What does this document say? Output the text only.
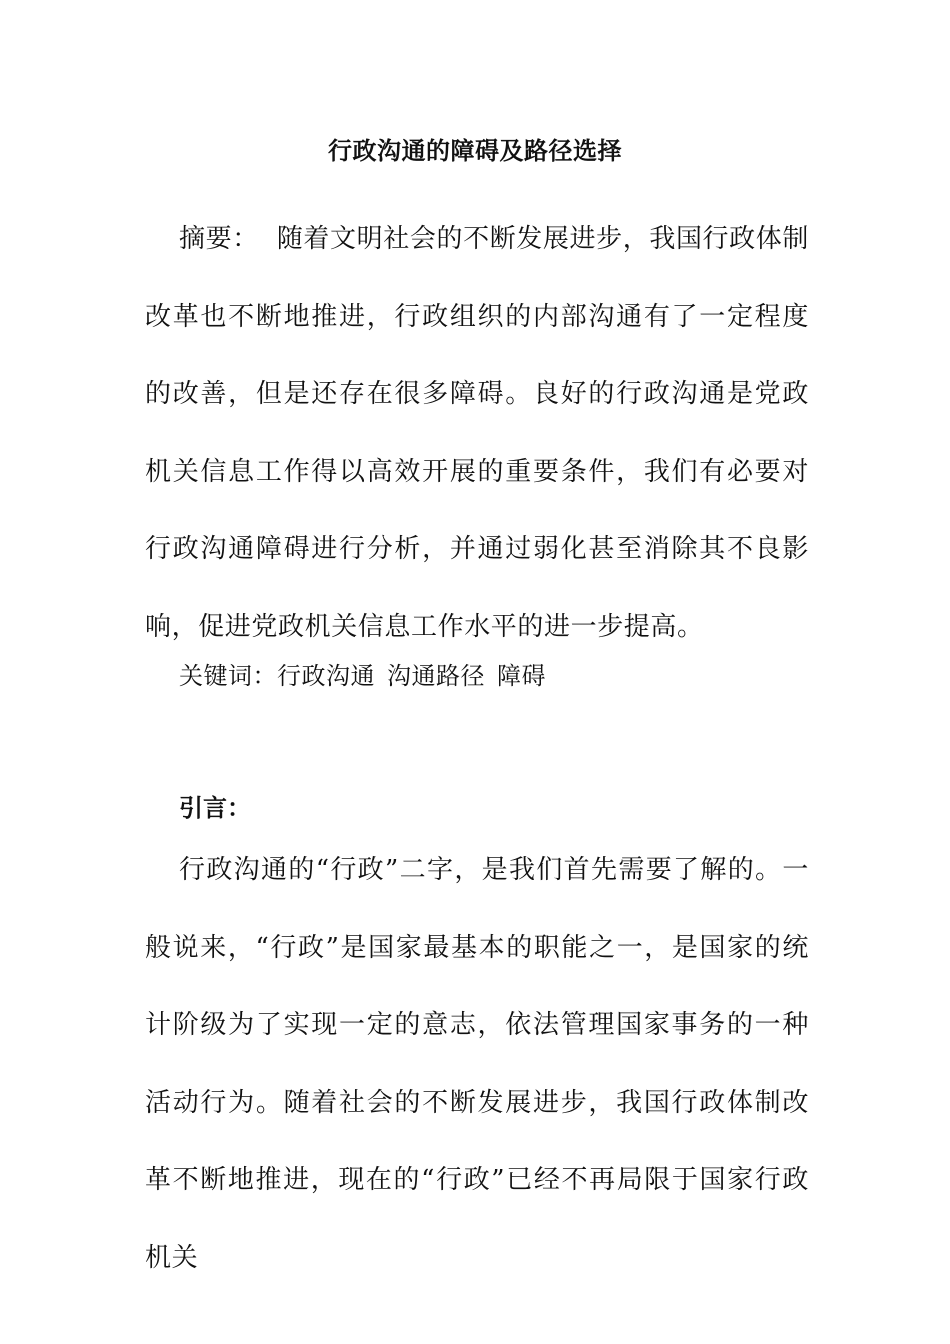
行政沟通的障碍及路径选择
摘要： 随着文明社会的不断发展进步，我国行政体制改革也不断地推进，行政组织的内部沟通有了一定程度的改善，但是还存在很多障碍。良好的行政沟通是党政机关信息工作得以高效开展的重要条件，我们有必要对行政沟通障碍进行分析，并通过弱化甚至消除其不良影响，促进党政机关信息工作水平的进一步提高。
关键词：行政沟通 沟通路径 障碍
引言：
行政沟通的“行政”二字，是我们首先需要了解的。一般说来，“行政”是国家最基本的职能之一，是国家的统计阶级为了实现一定的意志，依法管理国家事务的一种活动行为。随着社会的不断发展进步，我国行政体制改革不断地推进，现在的“行政”已经不再局限于国家行政机关
